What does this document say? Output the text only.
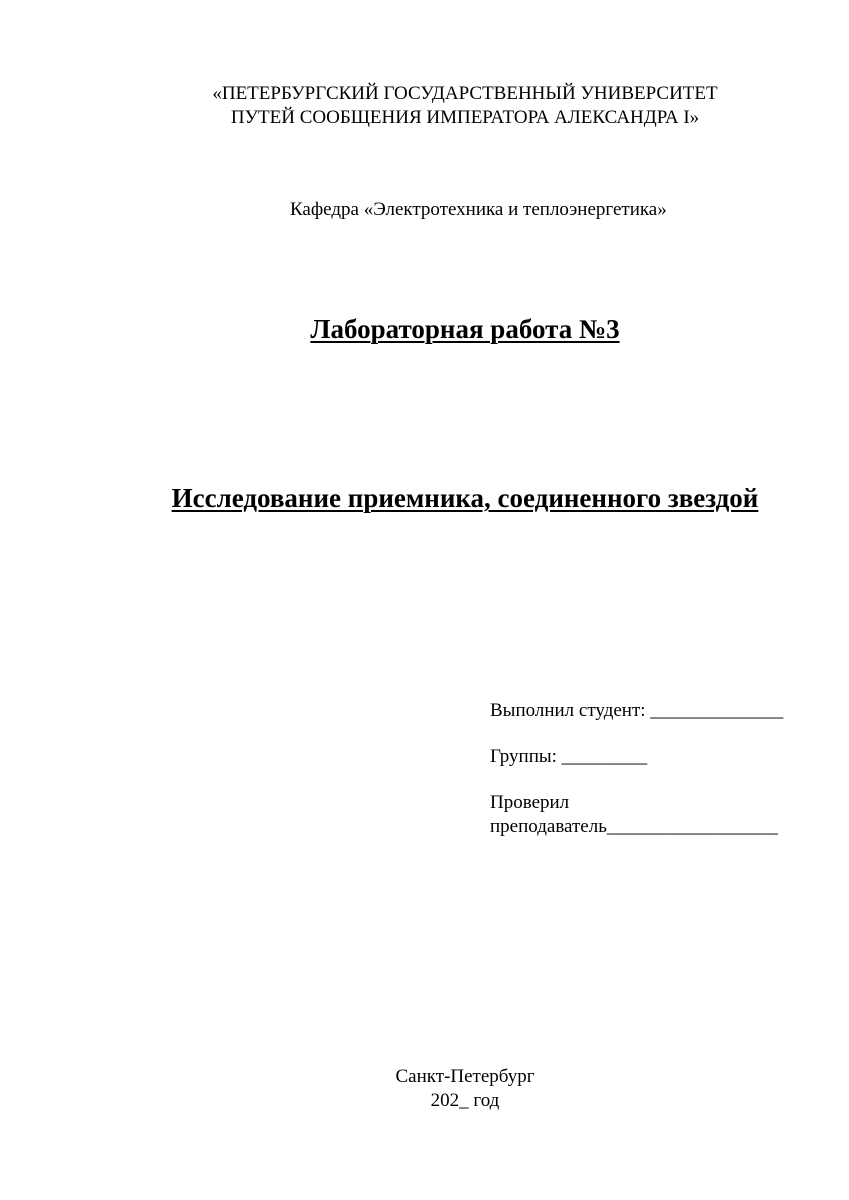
«ПЕТЕРБУРГСКИЙ ГОСУДАРСТВЕННЫЙ УНИВЕРСИТЕТ
ПУТЕЙ СООБЩЕНИЯ ИМПЕРАТОРА АЛЕКСАНДРА I»
Кафедра «Электротехника и теплоэнергетика»
Лабораторная работа №3
Исследование приемника, соединенного звездой
Выполнил студент: ______________
Группы: _________
Проверил
преподаватель__________________
Санкт-Петербург
202_ год
